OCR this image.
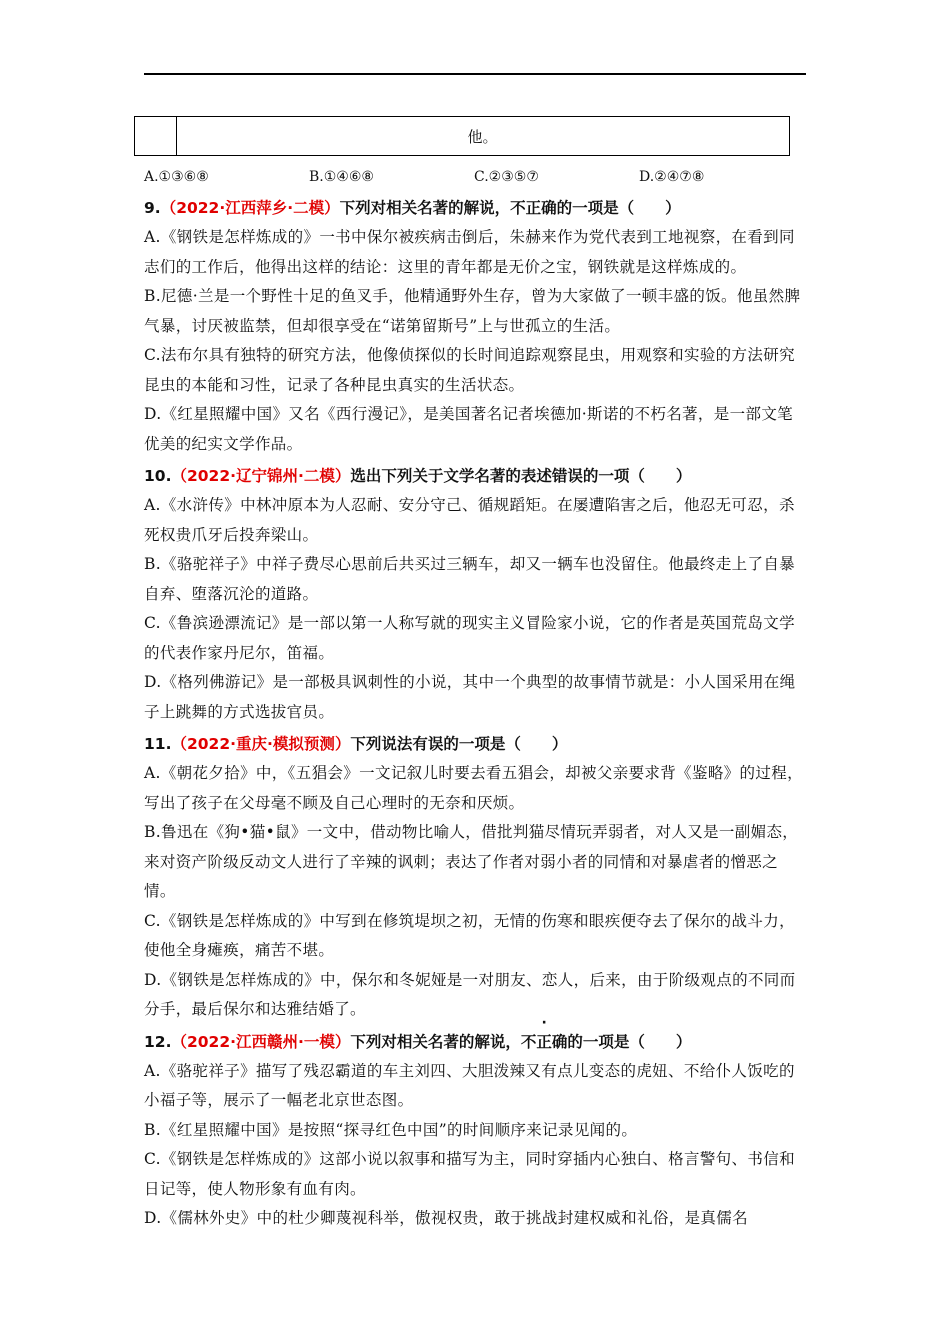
他。
A.①③⑥⑧	B.①④⑥⑧	C.②③⑤⑦	D.②④⑦⑧
9.（2022·江西萍乡·二模）下列对相关名著的解说，不正确的一项是（　　）
A.《钢铁是怎样炼成的》一书中保尔被疾病击倒后，朱赫来作为党代表到工地视察，在看到同志们的工作后，他得出这样的结论：这里的青年都是无价之宝，钢铁就是这样炼成的。
B.尼德·兰是一个野性十足的鱼叉手，他精通野外生存，曾为大家做了一顿丰盛的饭。他虽然脾气暴，讨厌被监禁，但却很享受在“诺第留斯号”上与世孤立的生活。
C.法布尔具有独特的研究方法，他像侦探似的长时间追踪观察昆虫，用观察和实验的方法研究昆虫的本能和习性，记录了各种昆虫真实的生活状态。
D.《红星照耀中国》又名《西行漫记》，是美国著名记者埃德加·斯诺的不朽名著，是一部文笔优美的纪实文学作品。
10.（2022·辽宁锦州·二模）选出下列关于文学名著的表述错误的一项（　　）
A.《水浒传》中林冲原本为人忍耐、安分守己、循规蹈矩。在屡遭陷害之后，他忍无可忍，杀死权贵爪牙后投奔梁山。
B.《骆驼祥子》中祥子费尽心思前后共买过三辆车，却又一辆车也没留住。他最终走上了自暴自弃、堕落沉沦的道路。
C.《鲁滨逊漂流记》是一部以第一人称写就的现实主义冒险家小说，它的作者是英国荒岛文学的代表作家丹尼尔，笛福。
D.《格列佛游记》是一部极具讽刺性的小说，其中一个典型的故事情节就是：小人国采用在绳子上跳舞的方式选拔官员。
11.（2022·重庆·模拟预测）下列说法有误的一项是（　　）
A.《朝花夕拾》中，《五猖会》一文记叙儿时要去看五猖会，却被父亲要求背《鉴略》的过程，写出了孩子在父母毫不顾及自己心理时的无奈和厌烦。
B.鲁迅在《狗•猫•鼠》一文中，借动物比喻人，借批判猫尽情玩弄弱者，对人又是一副媚态，来对资产阶级反动文人进行了辛辣的讽刺；表达了作者对弱小者的同情和对暴虐者的憎恶之情。
C.《钢铁是怎样炼成的》中写到在修筑堤坝之初，无情的伤寒和眼疾便夺去了保尔的战斗力，使他全身瘫痪，痛苦不堪。
D.《钢铁是怎样炼成的》中，保尔和冬妮娅是一对朋友、恋人，后来，由于阶级观点的不同而分手，最后保尔和达雅结婚了。
12.（2022·江西赣州·一模）下列对相关名著的解说，不正确的一项是（　　）
A.《骆驼祥子》描写了残忍霸道的车主刘四、大胆泼辣又有点儿变态的虎妞、不给仆人饭吃的小福子等，展示了一幅老北京世态图。
B.《红星照耀中国》是按照“探寻红色中国”的时间顺序来记录见闻的。
C.《钢铁是怎样炼成的》这部小说以叙事和描写为主，同时穿插内心独白、格言警句、书信和日记等，使人物形象有血有肉。
D.《儒林外史》中的杜少卿蔑视科举，傲视权贵，敢于挑战封建权威和礼俗，是真儒名
